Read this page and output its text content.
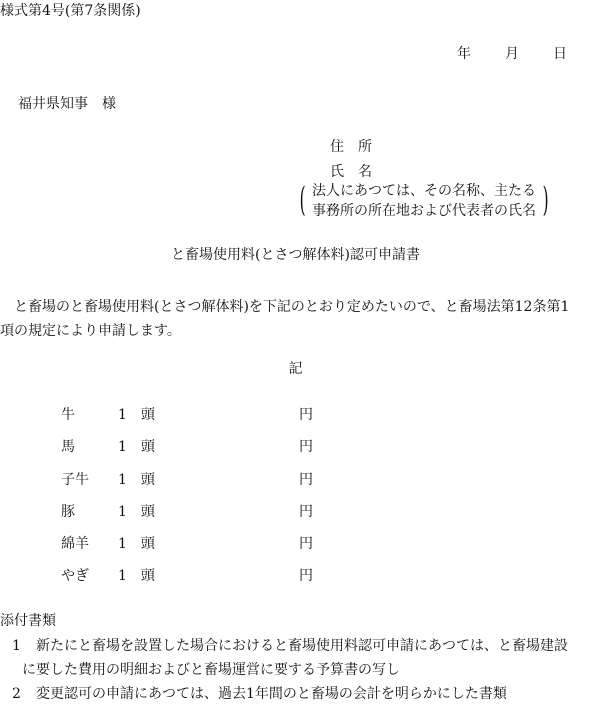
様式第4号(第7条関係)
年 月 日
福井県知事　様
住　所
氏　名
( 法人にあつては、その名称、主たる
事務所の所在地および代表者の氏名 )
と畜場使用料(とさつ解体料)認可申請書

　と畜場のと畜場使用料(とさつ解体料)を下記のとおり定めたいので、と畜場法第12条第1

項の規定により申請します。

記
牛	1　頭	円
馬	1　頭	円
子牛 1　頭	円
豚	1　頭	円
綿羊 1　頭	円
やぎ 1　頭	円
添付書類
1	新たにと畜場を設置した場合におけると畜場使用料認可申請にあつては、と畜場建設
に要した費用の明細およびと畜場運営に要する予算書の写し
2	変更認可の申請にあつては、過去1年間のと畜場の会計を明らかにした書類
